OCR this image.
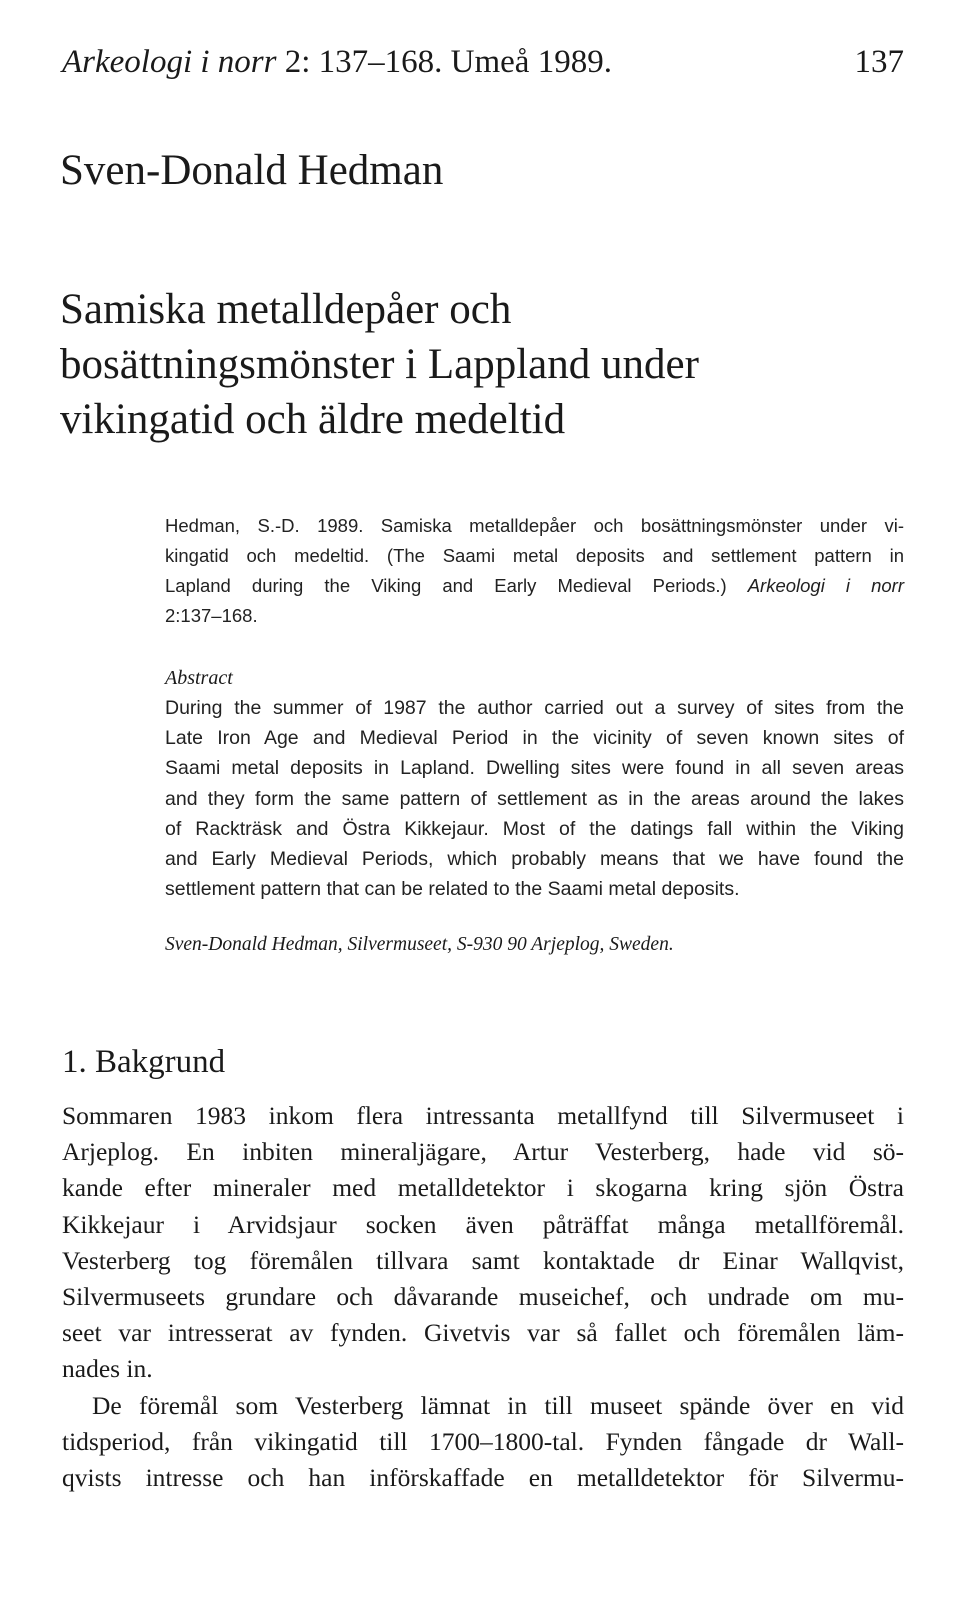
Arkeologi i norr 2: 137–168. Umeå 1989.	137
Sven-Donald Hedman
Samiska metalldepåer och
bosättningsmönster i Lappland under
vikingatid och äldre medeltid
Hedman, S.-D. 1989. Samiska metalldepåer och bosättningsmönster under vi-
kingatid och medeltid. (The Saami metal deposits and settlement pattern in
Lapland during the Viking and Early Medieval Periods.) Arkeologi i norr
2:137–168.
Abstract
During the summer of 1987 the author carried out a survey of sites from the
Late Iron Age and Medieval Period in the vicinity of seven known sites of
Saami metal deposits in Lapland. Dwelling sites were found in all seven areas
and they form the same pattern of settlement as in the areas around the lakes
of Rackträsk and Östra Kikkejaur. Most of the datings fall within the Viking
and Early Medieval Periods, which probably means that we have found the
settlement pattern that can be related to the Saami metal deposits.
Sven-Donald Hedman, Silvermuseet, S-930 90 Arjeplog, Sweden.
1. Bakgrund
Sommaren 1983 inkom flera intressanta metallfynd till Silvermuseet i
Arjeplog. En inbiten mineraljägare, Artur Vesterberg, hade vid sö-
kande efter mineraler med metalldetektor i skogarna kring sjön Östra
Kikkejaur i Arvidsjaur socken även påträffat många metallföremål.
Vesterberg tog föremålen tillvara samt kontaktade dr Einar Wallqvist,
Silvermuseets grundare och dåvarande museichef, och undrade om mu-
seet var intresserat av fynden. Givetvis var så fallet och föremålen läm-
nades in.
De föremål som Vesterberg lämnat in till museet spände över en vid
tidsperiod, från vikingatid till 1700–1800-tal. Fynden fångade dr Wall-
qvists intresse och han införskaffade en metalldetektor för Silvermu-
